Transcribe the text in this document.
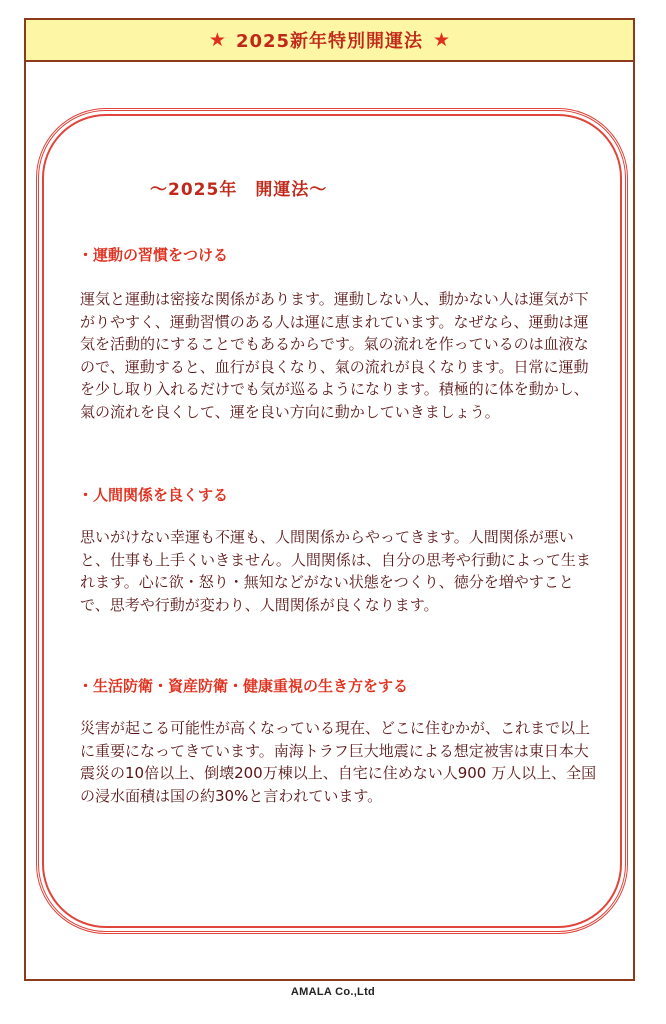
★ 2025新年特別開運法 ★
～2025年　開運法～
・運動の習慣をつける

運気と運動は密接な関係があります。運動しない人、動かない人は運気が下がりやすく、運動習慣のある人は運に恵まれています。なぜなら、運動は運気を活動的にすることでもあるからです。氣の流れを作っているのは血液なので、運動すると、血行が良くなり、氣の流れが良くなります。日常に運動を少し取り入れるだけでも気が巡るようになります。積極的に体を動かし、氣の流れを良くして、運を良い方向に動かしていきましょう。

・人間関係を良くする

思いがけない幸運も不運も、人間関係からやってきます。人間関係が悪いと、仕事も上手くいきません。人間関係は、自分の思考や行動によって生まれます。心に欲・怒り・無知などがない状態をつくり、徳分を増やすことで、思考や行動が変わり、人間関係が良くなります。

・生活防衛・資産防衛・健康重視の生き方をする

災害が起こる可能性が高くなっている現在、どこに住むかが、これまで以上に重要になってきています。南海トラフ巨大地震による想定被害は東日本大震災の10倍以上、倒壊200万棟以上、自宅に住めない人900 万人以上、全国の浸水面積は国の約30%と言われています。

AMALA Co.,Ltd
